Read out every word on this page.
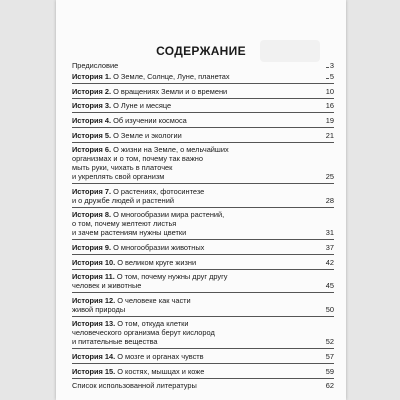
СОДЕРЖАНИЕ
Предисловие	3
История 1. О Земле, Солнце, Луне, планетах	5
История 2. О вращениях Земли и о времени	10
История 3. О Луне и месяце	16
История 4. Об изучении космоса	19
История 5. О Земле и экологии	21
История 6. О жизни на Земле, о мельчайших
организмах и о том, почему так важно
мыть руки, чихать в платочек
и укреплять свой организм	25
История 7. О растениях, фотосинтезе
и о дружбе людей и растений	28
История 8. О многообразии мира растений,
о том, почему желтеют листья
и зачем растениям нужны цветки	31
История 9. О многообразии животных	37
История 10. О великом круге жизни	42
История 11. О том, почему нужны друг другу
человек и животные	45
История 12. О человеке как части
живой природы	50
История 13. О том, откуда клетки
человеческого организма берут кислород
и питательные вещества	52
История 14. О мозге и органах чувств	57
История 15. О костях, мышцах и коже	59
Список использованной литературы	62
